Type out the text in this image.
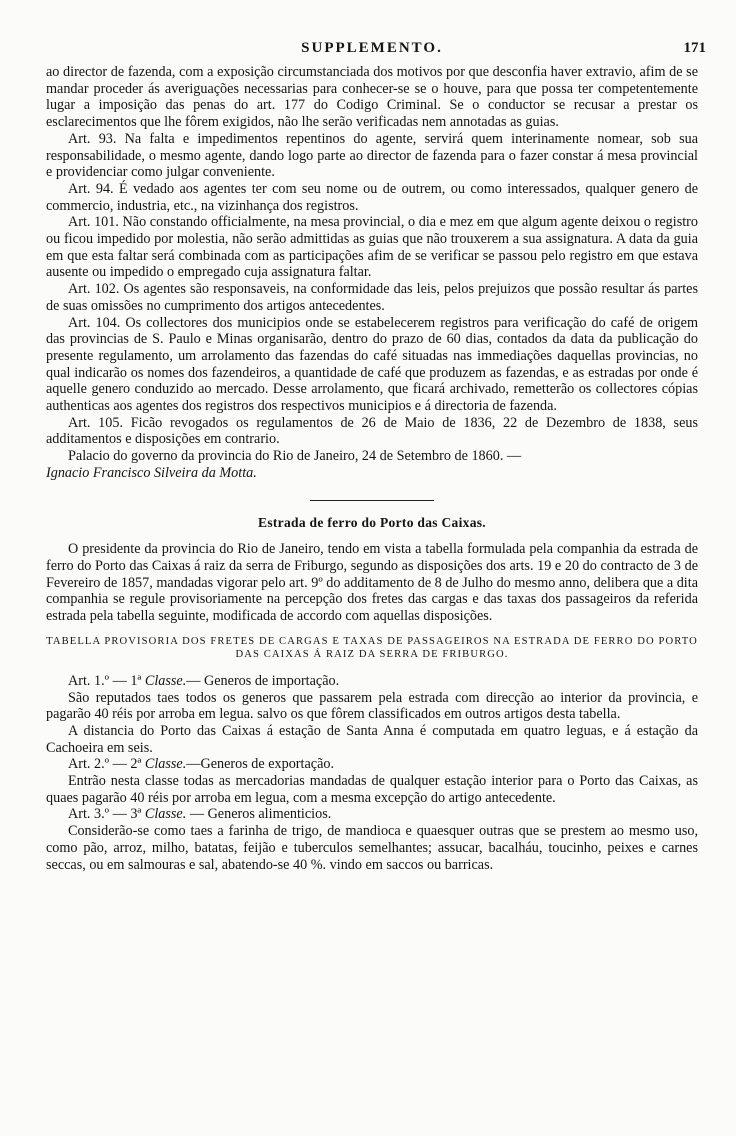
SUPPLEMENTO.	171

ao director de fazenda, com a exposição circumstanciada dos motivos por que desconfia haver extravio, afim de se mandar proceder ás averiguações necessarias para conhecer-se se o houve, para que possa ter competentemente lugar a imposição das penas do art. 177 do Codigo Criminal. Se o conductor se recusar a prestar os esclarecimentos que lhe fôrem exigidos, não lhe serão verificadas nem annotadas as guias.

Art. 93. Na falta e impedimentos repentinos do agente, servirá quem interinamente nomear, sob sua responsabilidade, o mesmo agente, dando logo parte ao director de fazenda para o fazer constar á mesa provincial e providenciar como julgar conveniente.

Art. 94. É vedado aos agentes ter com seu nome ou de outrem, ou como interessados, qualquer genero de commercio, industria, etc., na vizinhança dos registros.

Art. 101. Não constando officialmente, na mesa provincial, o dia e mez em que algum agente deixou o registro ou ficou impedido por molestia, não serão admittidas as guias que não trouxerem a sua assignatura. A data da guia em que esta faltar será combinada com as participações afim de se verificar se passou pelo registro em que estava ausente ou impedido o empregado cuja assignatura faltar.

Art. 102. Os agentes são responsaveis, na conformidade das leis, pelos prejuizos que possão resultar ás partes de suas omissões no cumprimento dos artigos antecedentes.

Art. 104. Os collectores dos municipios onde se estabelecerem registros para verificação do café de origem das provincias de S. Paulo e Minas organisarão, dentro do prazo de 60 dias, contados da data da publicação do presente regulamento, um arrolamento das fazendas do café situadas nas immediações daquellas provincias, no qual indicarão os nomes dos fazendeiros, a quantidade de café que produzem as fazendas, e as estradas por onde é aquelle genero conduzido ao mercado. Desse arrolamento, que ficará archivado, remetterão os collectores cópias authenticas aos agentes dos registros dos respectivos municipios e á directoria de fazenda.

Art. 105. Ficão revogados os regulamentos de 26 de Maio de 1836, 22 de Dezembro de 1838, seus additamentos e disposições em contrario.

Palacio do governo da provincia do Rio de Janeiro, 24 de Setembro de 1860. —

Ignacio Francisco Silveira da Motta.

Estrada de ferro do Porto das Caixas.

O presidente da provincia do Rio de Janeiro, tendo em vista a tabella formulada pela companhia da estrada de ferro do Porto das Caixas á raiz da serra de Friburgo, segundo as disposições dos arts. 19 e 20 do contracto de 3 de Fevereiro de 1857, mandadas vigorar pelo art. 9º do additamento de 8 de Julho do mesmo anno, delibera que a dita companhia se regule provisoriamente na percepção dos fretes das cargas e das taxas dos passageiros da referida estrada pela tabella seguinte, modificada de accordo com aquellas disposições.

TABELLA PROVISORIA DOS FRETES DE CARGAS E TAXAS DE PASSAGEIROS NA ESTRADA DE FERRO DO PORTO DAS CAIXAS Á RAIZ DA SERRA DE FRIBURGO.

Art. 1.º — 1ª Classe.— Generos de importação.

São reputados taes todos os generos que passarem pela estrada com direcção ao interior da provincia, e pagarão 40 réis por arroba em legua. salvo os que fôrem classificados em outros artigos desta tabella.

A distancia do Porto das Caixas á estação de Santa Anna é computada em quatro leguas, e á estação da Cachoeira em seis.

Art. 2.º — 2ª Classe.—Generos de exportação.

Entrão nesta classe todas as mercadorias mandadas de qualquer estação interior para o Porto das Caixas, as quaes pagarão 40 réis por arroba em legua, com a mesma excepção do artigo antecedente.

Art. 3.º — 3ª Classe. — Generos alimenticios.

Considerão-se como taes a farinha de trigo, de mandioca e quaesquer outras que se prestem ao mesmo uso, como pão, arroz, milho, batatas, feijão e tuberculos semelhantes; assucar, bacalháu, toucinho, peixes e carnes seccas, ou em salmouras e sal, abatendo-se 40 %. vindo em saccos ou barricas.
